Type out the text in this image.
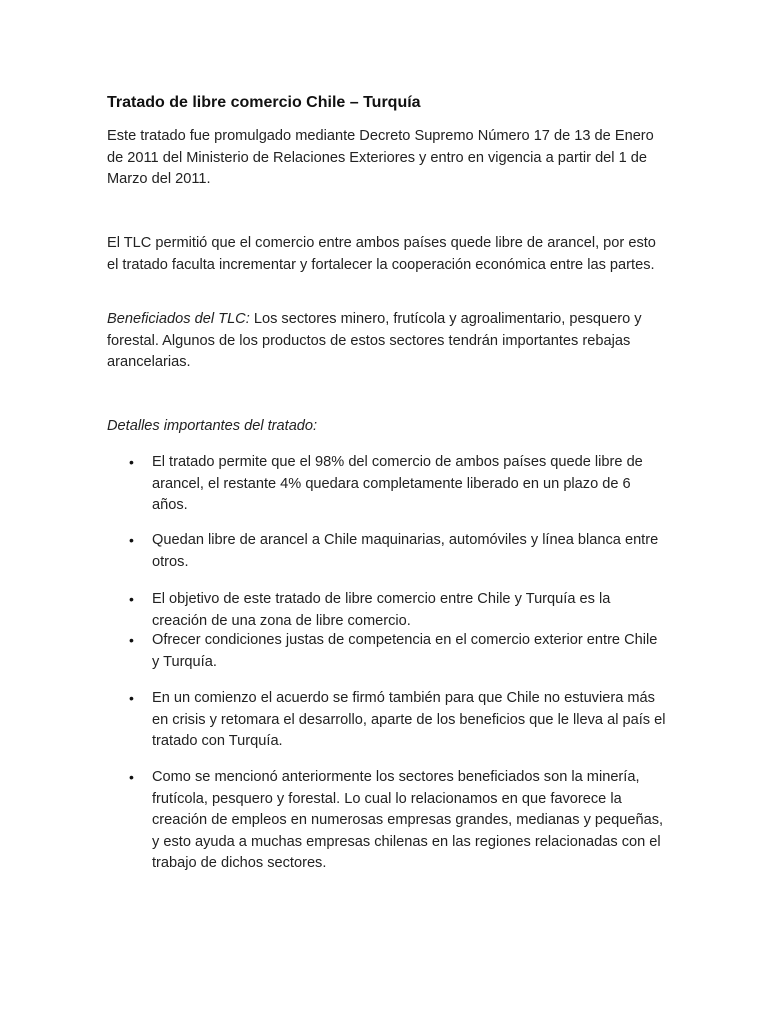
Tratado de libre comercio Chile – Turquía

Este tratado fue promulgado mediante Decreto Supremo Número 17 de 13 de Enero de 2011 del Ministerio de Relaciones Exteriores y entro en vigencia a partir del 1 de Marzo del 2011.

El TLC permitió que el comercio entre ambos países quede libre de arancel, por esto el tratado faculta incrementar y fortalecer la cooperación económica entre las partes.

Beneficiados del TLC: Los sectores minero, frutícola y agroalimentario, pesquero y forestal. Algunos de los productos de estos sectores tendrán importantes rebajas arancelarias.

Detalles importantes del tratado:

•	El tratado permite que el 98% del comercio de ambos países quede libre de arancel, el restante 4% quedara completamente liberado en un plazo de 6 años.
•	Quedan libre de arancel a Chile maquinarias, automóviles y línea blanca entre otros.
•	El objetivo de este tratado de libre comercio entre Chile y Turquía es la creación de una zona de libre comercio.
•	Ofrecer condiciones justas de competencia en el comercio exterior entre Chile y Turquía.
•	En un comienzo el acuerdo se firmó también para que Chile no estuviera más en crisis y retomara el desarrollo, aparte de los beneficios que le lleva al país el tratado con Turquía.
•	Como se mencionó anteriormente los sectores beneficiados son la minería, frutícola, pesquero y forestal. Lo cual lo relacionamos en que favorece la creación de empleos en numerosas empresas grandes, medianas y pequeñas, y esto ayuda a muchas empresas chilenas en las regiones relacionadas con el trabajo de dichos sectores.
